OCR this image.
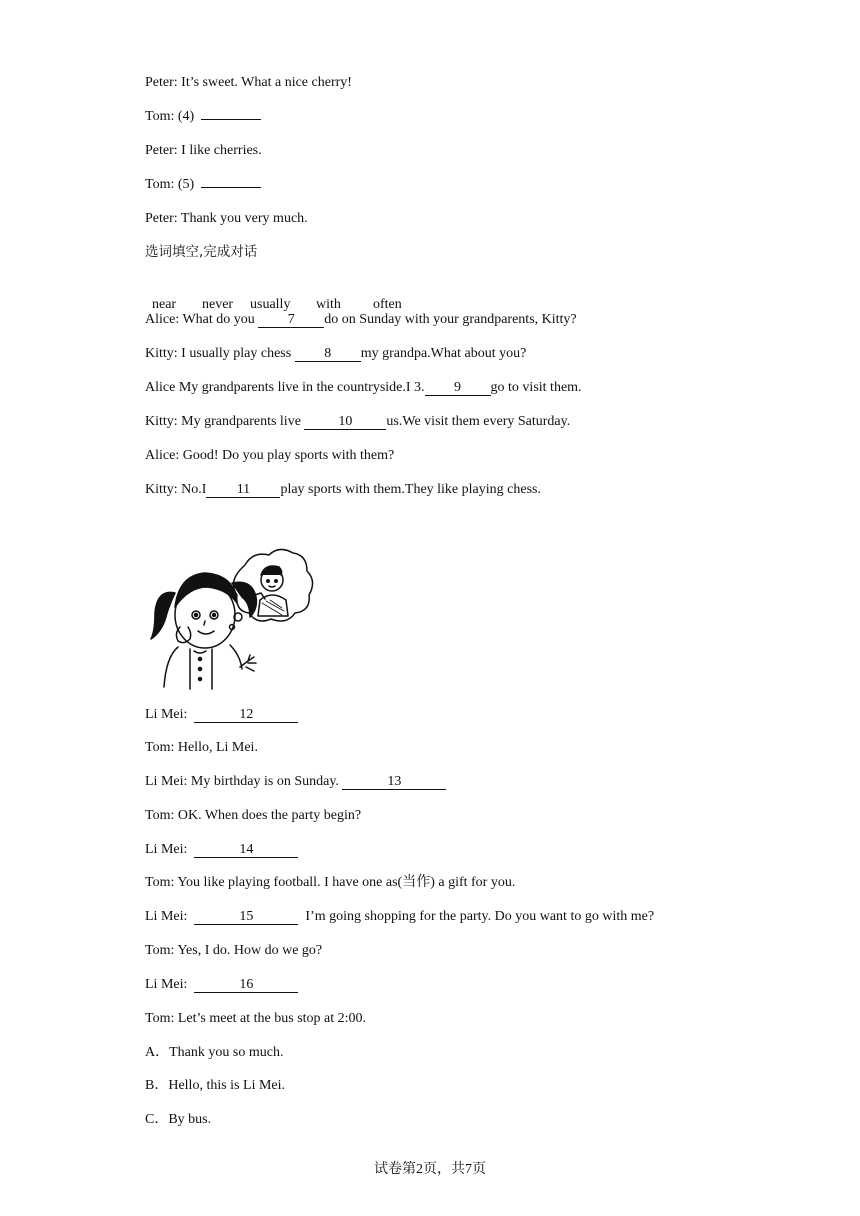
Peter: It’s sweet. What a nice cherry!
Tom: (4)
Peter: I like cherries.
Tom: (5)
Peter: Thank you very much.
选词填空,完成对话

near never usually with often

Alice: What do you 7 do on Sunday with your grandparents, Kitty?
Kitty: I usually play chess 8 my grandpa.What about you?
Alice My grandparents live in the countryside.I 3. 9 go to visit them.
Kitty: My grandparents live 10 us.We visit them every Saturday.
Alice: Good! Do you play sports with them?
Kitty: No.I 11 play sports with them.They like playing chess.
Li Mei:	12
Tom: Hello, Li Mei.
Li Mei: My birthday is on Sunday.	13
Tom: OK. When does the party begin?
Li Mei:	14
Tom: You like playing football. I have one as(当作) a gift for you.
Li Mei:	15	I’m going shopping for the party. Do you want to go with me?
Tom: Yes, I do. How do we go?
Li Mei:	16
Tom: Let’s meet at the bus stop at 2:00.
A．Thank you so much.
B．Hello, this is Li Mei.
C．By bus.
试卷第2页，共7页
